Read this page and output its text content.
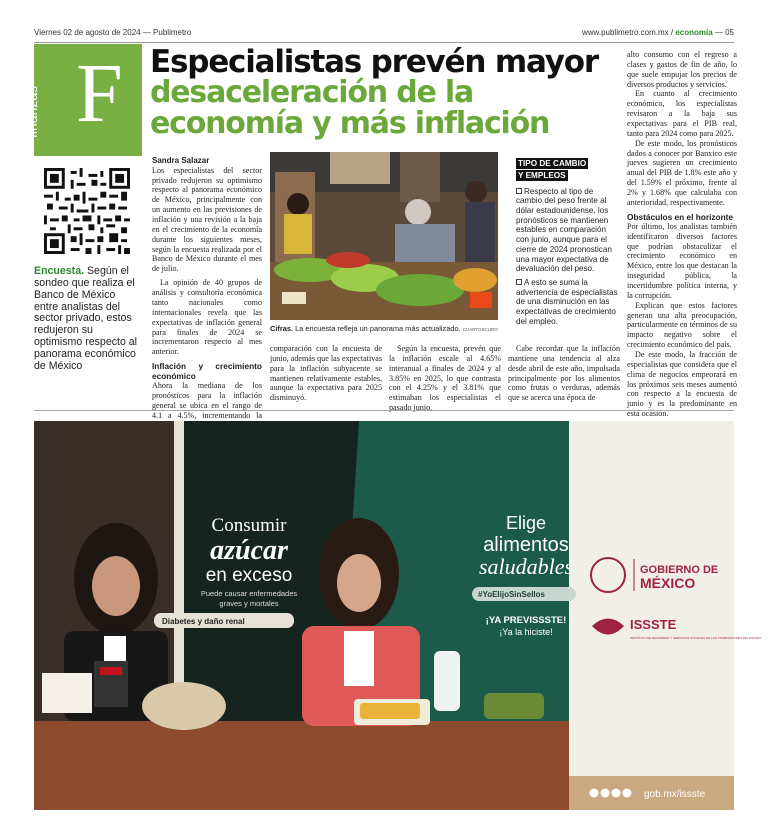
Viernes 02 de agosto de 2024 — Publimetro	www.publimetro.com.mx / economía — 05
finanzas F
Encuesta. Según el sondeo que realiza el Banco de México entre analistas del sector privado, estos redujeron su optimismo respecto al panorama económico de México
Especialistas prevén mayor
desaceleración de la economía y más inflación
Sandra Salazar

Los especialistas del sector privado redujeron su optimismo respecto al panorama económico de México, principalmente con un aumento en las previsiones de inflación y una revisión a la baja en el crecimiento de la economía durante los siguientes meses, según la encuesta realizada por el Banco de México durante el mes de julio.

La opinión de 40 grupos de análisis y consultoría económica tanto nacionales como internacionales revela que las expectativas de inflación general para finales de 2024 se incrementaron respecto al mes anterior.

Inflación y crecimiento económico

Ahora la mediana de los pronósticos para la inflación general se ubica en el rango de 4.1 a 4.5%, incrementando la

Cifras. La encuesta refleja un panorama más actualizado. CUARTOSCURO

comparación con la encuesta de junio, además que las expectativas para la inflación subyacente se mantienen relativamente estables, aunque la expectativa para 2025 disminuyó.

Según la encuesta, prevén que la inflación escale al 4.65% interanual a finales de 2024 y al 3.85% en 2025, lo que contrasta con el 4.25% y el 3.81% que estimaban los especialistas el pasado junio.

TIPO DE CAMBIO
Y EMPLEOS

Respecto al tipo de cambio del peso frente al dólar estadounidense, los pronósticos se mantienen estables en comparación con junio, aunque para el cierre de 2024 pronostican una mayor expectativa de devaluación del peso.

A esto se suma la advertencia de especialistas de una disminución en las expectativas de crecimiento del empleo.

Cabe recordar que la inflación mantiene una tendencia al alza desde abril de este año, impulsada principalmente por los alimentos como frutas o verduras, además que se acerca una época de

alto consumo con el regreso a clases y gastos de fin de año, lo que suele empujar los precios de diversos productos y servicios.

En cuanto al crecimiento económico, los especialistas revisaron a la baja sus expectativas para el PIB real, tanto para 2024 como para 2025.

De este modo, los pronósticos dados a conocer por Banxico este jueves sugieren un crecimiento anual del PIB de 1.8% este año y del 1.59% el próximo, frente al 2% y 1.68% que calculaba con anterioridad, respectivamente.

Obstáculos en el horizonte

Por último, los analistas también identificaron diversos factores que podrían obstaculizar el crecimiento económico en México, entre los que destacan la inseguridad pública, la incertidumbre política interna, y la corrupción.

Explican que estos factores generan una alta preocupación, particularmente en términos de su impacto negativo sobre el crecimiento económico del país.

De este modo, la fracción de especialistas que considera que el clima de negocios empeorará en los próximos seis meses aumentó con respecto a la encuesta de junio y es la predominante en esta ocasión.

Consumir
azúcar
en exceso
Puede causar enfermedades
graves y mortales
Diabetes y daño renal
Elige
alimentos
saludables
#YoElijoSinSellos
¡YA PREVISSSTE!
¡Ya la hiciste!
GOBIERNO DE
MÉXICO
ISSSTE
INSTITUTO DE SEGURIDAD Y SERVICIOS SOCIALES DE LOS TRABAJADORES DEL ESTADO
gob.mx/issste
